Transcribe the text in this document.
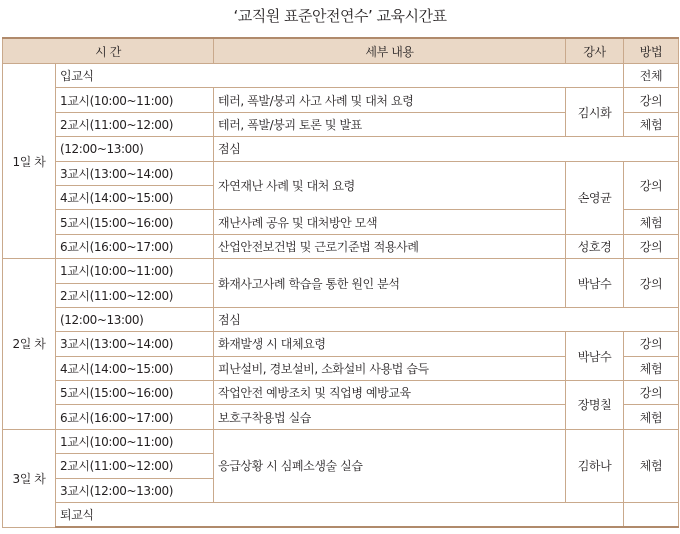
‘교직원 표준안전연수’ 교육시간표
시 간		세부 내용	강사	방법
1일 차	입교식			전체
	1교시(10:00~11:00)	테러, 폭발/붕괴 사고 사례 및 대처 요령	김시화	강의
	2교시(11:00~12:00)	테러, 폭발/붕괴 토론 및 발표		체험
	(12:00~13:00)	점심		
	3교시(13:00~14:00)	자연재난 사례 및 대처 요령	손영균	강의
	4교시(14:00~15:00)			
	5교시(15:00~16:00)	재난사례 공유 및 대처방안 모색		체험
	6교시(16:00~17:00)	산업안전보건법 및 근로기준법 적용사례	성호경	강의
2일 차	1교시(10:00~11:00)	화재사고사례 학습을 통한 원인 분석	박남수	강의
	2교시(11:00~12:00)			
	(12:00~13:00)	점심		
	3교시(13:00~14:00)	화재발생 시 대체요령	박남수	강의
	4교시(14:00~15:00)	피난설비, 경보설비, 소화설비 사용법 습득		체험
	5교시(15:00~16:00)	작업안전 예방조치 및 직업병 예방교육	장명칠	강의
	6교시(16:00~17:00)	보호구착용법 실습		체험
3일 차	1교시(10:00~11:00)	응급상황 시 심폐소생술 실습	김하나	체험
	2교시(11:00~12:00)			
	3교시(12:00~13:00)			
	퇴교식			
